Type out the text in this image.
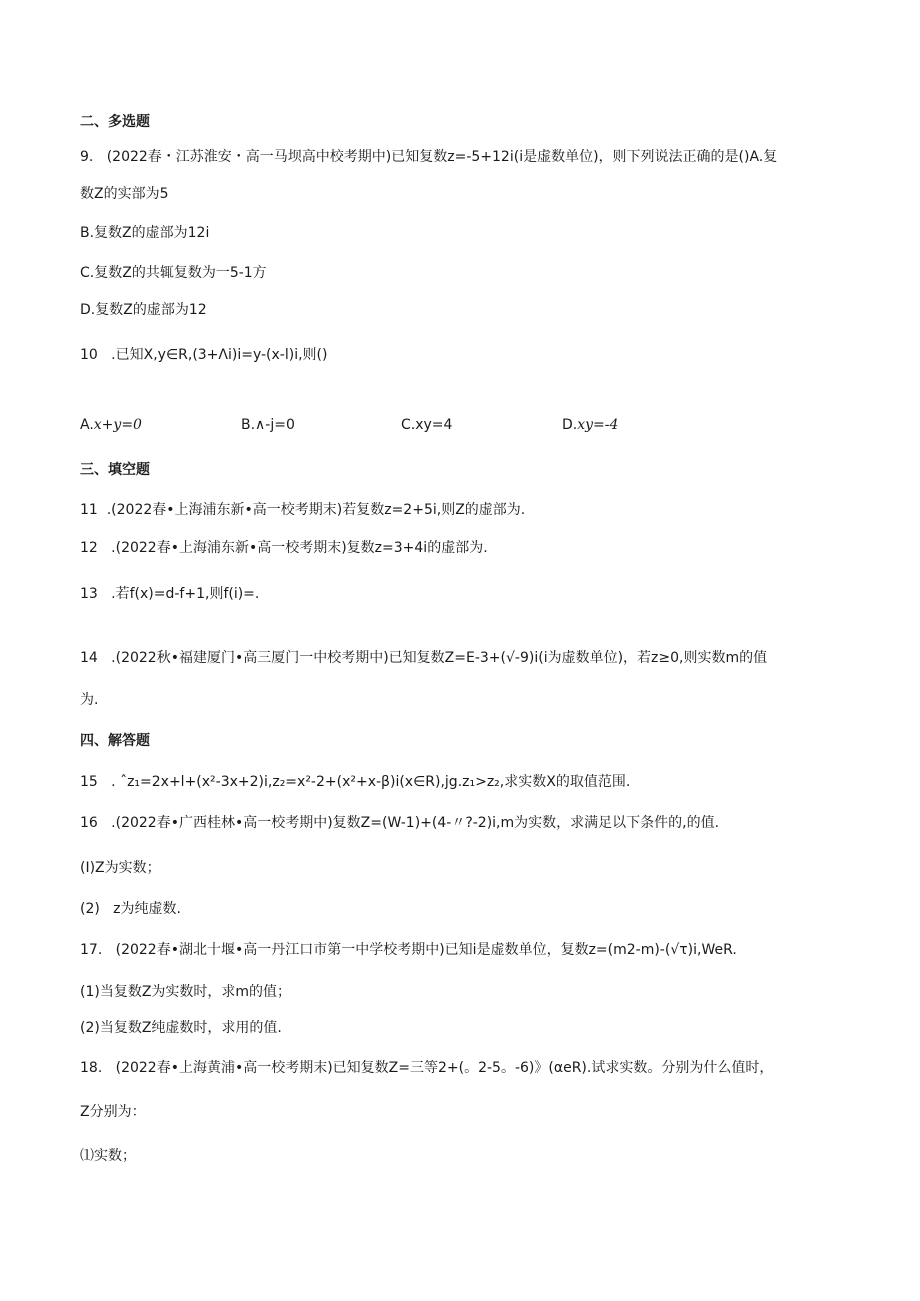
二、多选题
9.   (2022春・江苏淮安・高一马坝高中校考期中)已知复数z=-5+12i(i是虚数单位)，则下列说法正确的是()A.复
数Z的实部为5
B.复数Z的虚部为12i
C.复数Z的共辄复数为一5-1方
D.复数Z的虚部为12
10   .已知X,y∈R,(3+Λi)i=y-(x-l)i,则()
A.x+y=0	B.∧-j=0	C.xy=4	D.xy=-4
三、填空题
11  .(2022春•上海浦东新•高一校考期末)若复数z=2+5i,则Z的虚部为.
12   .(2022春•上海浦东新•高一校考期末)复数z=3+4i的虚部为.
13   .若f(x)=d-f+1,则f(i)=.
14   .(2022秋•福建厦门•高三厦门一中校考期中)已知复数Z=E-3+(√-9)i(i为虚数单位)，若z≥0,则实数m的值
为.
四、解答题
15   . ˆz₁=2x+l+(x²-3x+2)i,z₂=x²-2+(x²+x-β)i(x∈R),jg.z₁>z₂,求实数X的取值范围.
16   .(2022春•广西桂林•高一校考期中)复数Z=(W-1)+(4-〃?-2)i,m为实数，求满足以下条件的,的值.
(I)Z为实数；
(2)   z为纯虚数.
17.   (2022春•湖北十堰•高一丹江口市第一中学校考期中)已知i是虚数单位，复数z=(m2-m)-(√τ)i,WeR.
(1)当复数Z为实数时，求m的值；
(2)当复数Z纯虚数时，求用的值.
18.   (2022春•上海黄浦•高一校考期末)已知复数Z=三等2+(。2-5。-6)》(αeR).试求实数。分别为什么值时，
Z分别为：
⑴实数；
